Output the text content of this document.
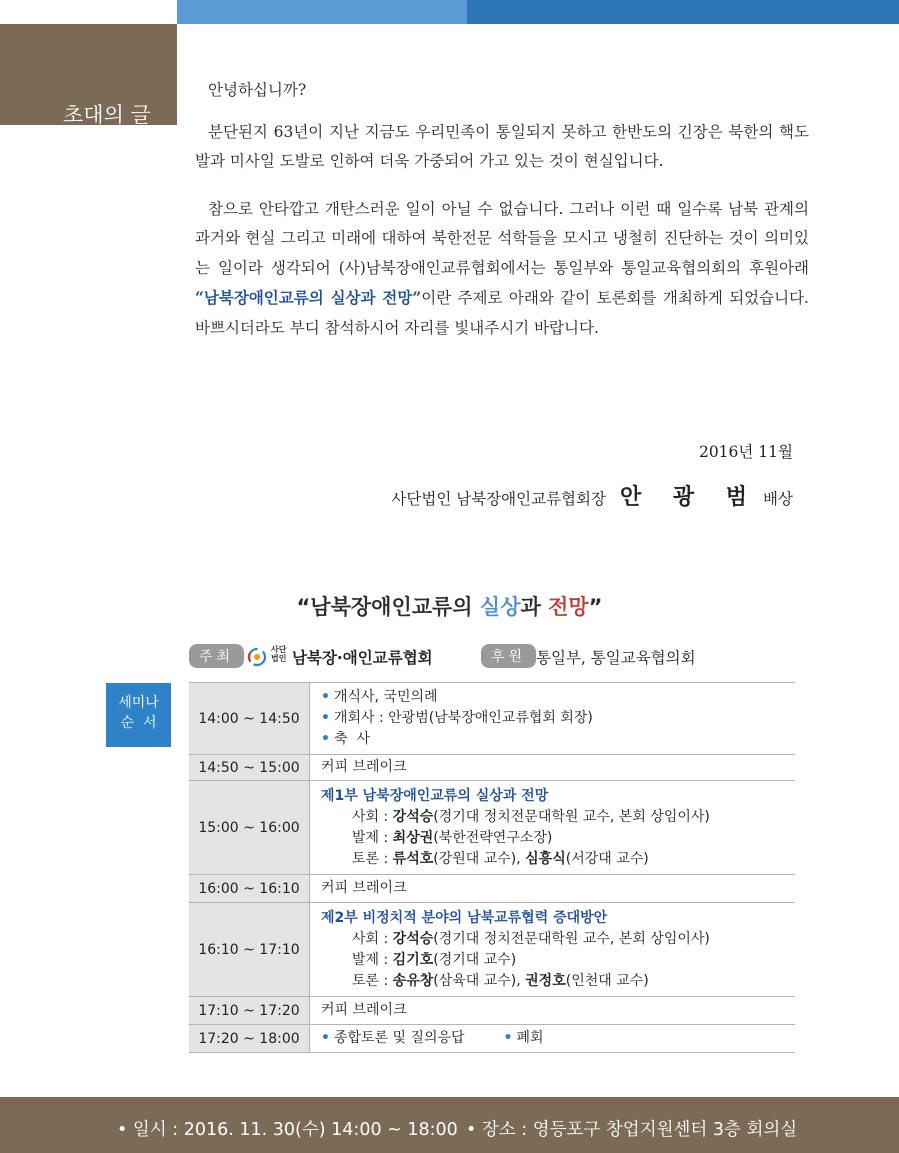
초대의 글

안녕하십니까?

분단된지 63년이 지난 지금도 우리민족이 통일되지 못하고 한반도의 긴장은 북한의 핵도발과 미사일 도발로 인하여 더욱 가중되어 가고 있는 것이 현실입니다.

참으로 안타깝고 개탄스러운 일이 아닐 수 없습니다. 그러나 이런 때 일수록 남북 관계의 과거와 현실 그리고 미래에 대하여 북한전문 석학들을 모시고 냉철히 진단하는 것이 의미있는 일이라 생각되어 (사)남북장애인교류협회에서는 통일부와 통일교육협의회의 후원아래 “남북장애인교류의 실상과 전망”이란 주제로 아래와 같이 토론회를 개최하게 되었습니다. 바쁘시더라도 부디 참석하시어 자리를 빛내주시기 바랍니다.

2016년 11월
사단법인 남북장애인교류협회장 안 광 범 배상
“남북장애인교류의 실상과 전망”
주최	사단
법인 남북장·애인교류협회	후원 통일부, 통일교육협의회
세미나
순  서	14:00 ~ 14:50	• 개식사, 국민의례
• 개회사 : 안광범(남북장애인교류협회 회장)
• 축  사

14:50 ~ 15:00	커피 브레이크
15:00 ~ 16:00	제1부 남북장애인교류의 실상과 전망
사회 : 강석승(경기대 정치전문대학원 교수, 본회 상임이사)
발제 : 최상권(북한전략연구소장)
토론 : 류석호(강원대 교수), 심흥식(서강대 교수)

16:00 ~ 16:10	커피 브레이크
16:10 ~ 17:10	제2부 비정치적 분야의 남북교류협력 증대방안
사회 : 강석승(경기대 정치전문대학원 교수, 본회 상임이사)
발제 : 김기호(경기대 교수)
토론 : 송유창(삼육대 교수), 권정호(인천대 교수)

17:10 ~ 17:20	커피 브레이크
17:20 ~ 18:00	• 종합토론 및 질의응답 • 폐회
• 일시 : 2016. 11. 30(수) 14:00 ~ 18:00 • 장소 : 영등포구 창업지원센터 3층 회의실
